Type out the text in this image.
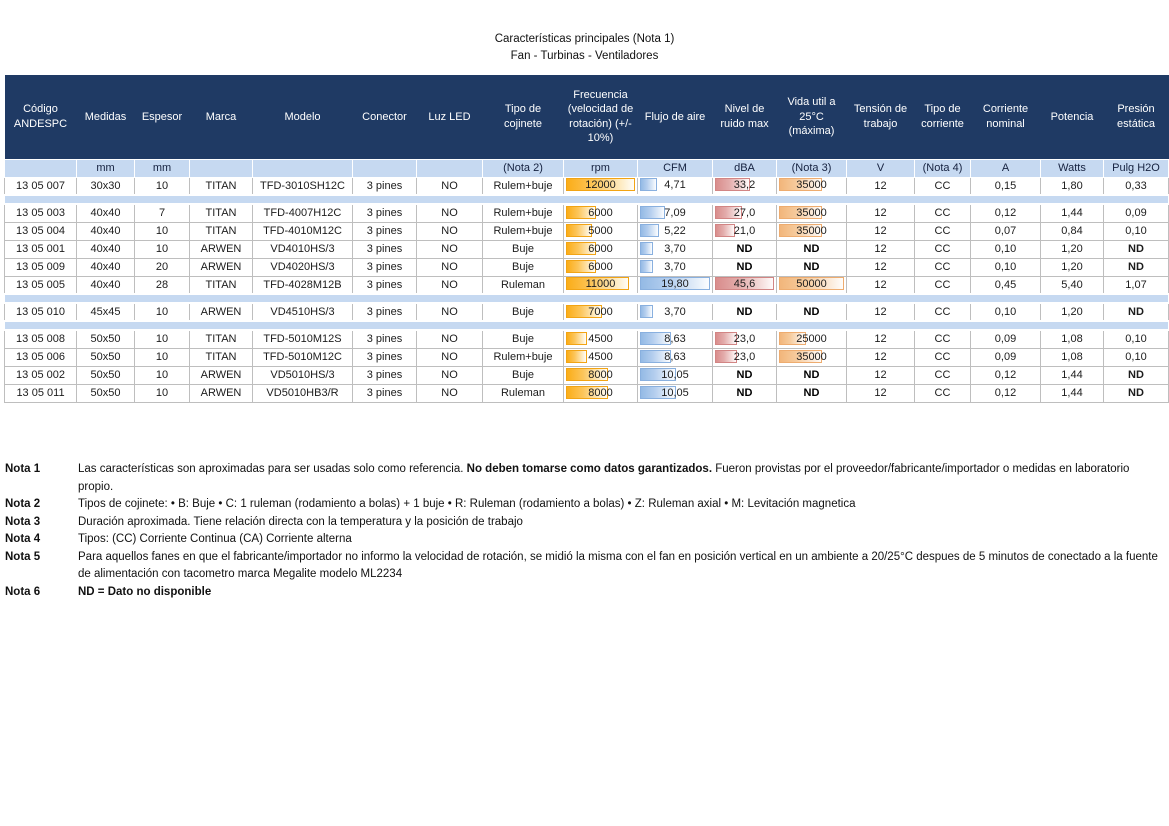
Características principales (Nota 1)
Fan - Turbinas - Ventiladores
Código ANDESPC	Medidas	Espesor	Marca	Modelo	Conector	Luz LED	Tipo de cojinete	Frecuencia (velocidad de rotación) (+/- 10%)	Flujo de aire	Nivel de ruido max	Vida util a 25°C (máxima)	Tensión de trabajo	Tipo de corriente	Corriente nominal	Potencia	Presión estática
	mm	mm					(Nota 2)	rpm	CFM	dBA	(Nota 3)	V	(Nota 4)	A	Watts	Pulg H2O
13 05 007	30x30	10	TITAN	TFD-3010SH12C	3 pines	NO	Rulem+buje	12000	4,71	33,2	35000	12	CC	0,15	1,80	0,33

13 05 003	40x40	7	TITAN	TFD-4007H12C	3 pines	NO	Rulem+buje	6000	7,09	27,0	35000	12	CC	0,12	1,44	0,09
13 05 004	40x40	10	TITAN	TFD-4010M12C	3 pines	NO	Rulem+buje	5000	5,22	21,0	35000	12	CC	0,07	0,84	0,10
13 05 001	40x40	10	ARWEN	VD4010HS/3	3 pines	NO	Buje	6000	3,70	ND	ND	12	CC	0,10	1,20	ND
13 05 009	40x40	20	ARWEN	VD4020HS/3	3 pines	NO	Buje	6000	3,70	ND	ND	12	CC	0,10	1,20	ND
13 05 005	40x40	28	TITAN	TFD-4028M12B	3 pines	NO	Ruleman	11000	19,80	45,6	50000	12	CC	0,45	5,40	1,07

13 05 010	45x45	10	ARWEN	VD4510HS/3	3 pines	NO	Buje	7000	3,70	ND	ND	12	CC	0,10	1,20	ND

13 05 008	50x50	10	TITAN	TFD-5010M12S	3 pines	NO	Buje	4500	8,63	23,0	25000	12	CC	0,09	1,08	0,10
13 05 006	50x50	10	TITAN	TFD-5010M12C	3 pines	NO	Rulem+buje	4500	8,63	23,0	35000	12	CC	0,09	1,08	0,10
13 05 002	50x50	10	ARWEN	VD5010HS/3	3 pines	NO	Buje	8000	10,05	ND	ND	12	CC	0,12	1,44	ND
13 05 011	50x50	10	ARWEN	VD5010HB3/R	3 pines	NO	Ruleman	8000	10,05	ND	ND	12	CC	0,12	1,44	ND
Nota 1	Las características son aproximadas para ser usadas solo como referencia. No deben tomarse como datos garantizados. Fueron provistas por el proveedor/fabricante/importador o medidas en laboratorio propio.
Nota 2	Tipos de cojinete: • B: Buje • C: 1 ruleman (rodamiento a bolas) + 1 buje • R: Ruleman (rodamiento a bolas) • Z: Ruleman axial • M: Levitación magnetica
Nota 3	Duración aproximada. Tiene relación directa con la temperatura y la posición de trabajo
Nota 4	Tipos: (CC) Corriente Continua (CA) Corriente alterna
Nota 5	Para aquellos fanes en que el fabricante/importador no informo la velocidad de rotación, se midió la misma con el fan en posición vertical en un ambiente a 20/25°C despues de 5 minutos de conectado a la fuente de alimentación con tacometro marca Megalite modelo ML2234
Nota 6	ND = Dato no disponible
